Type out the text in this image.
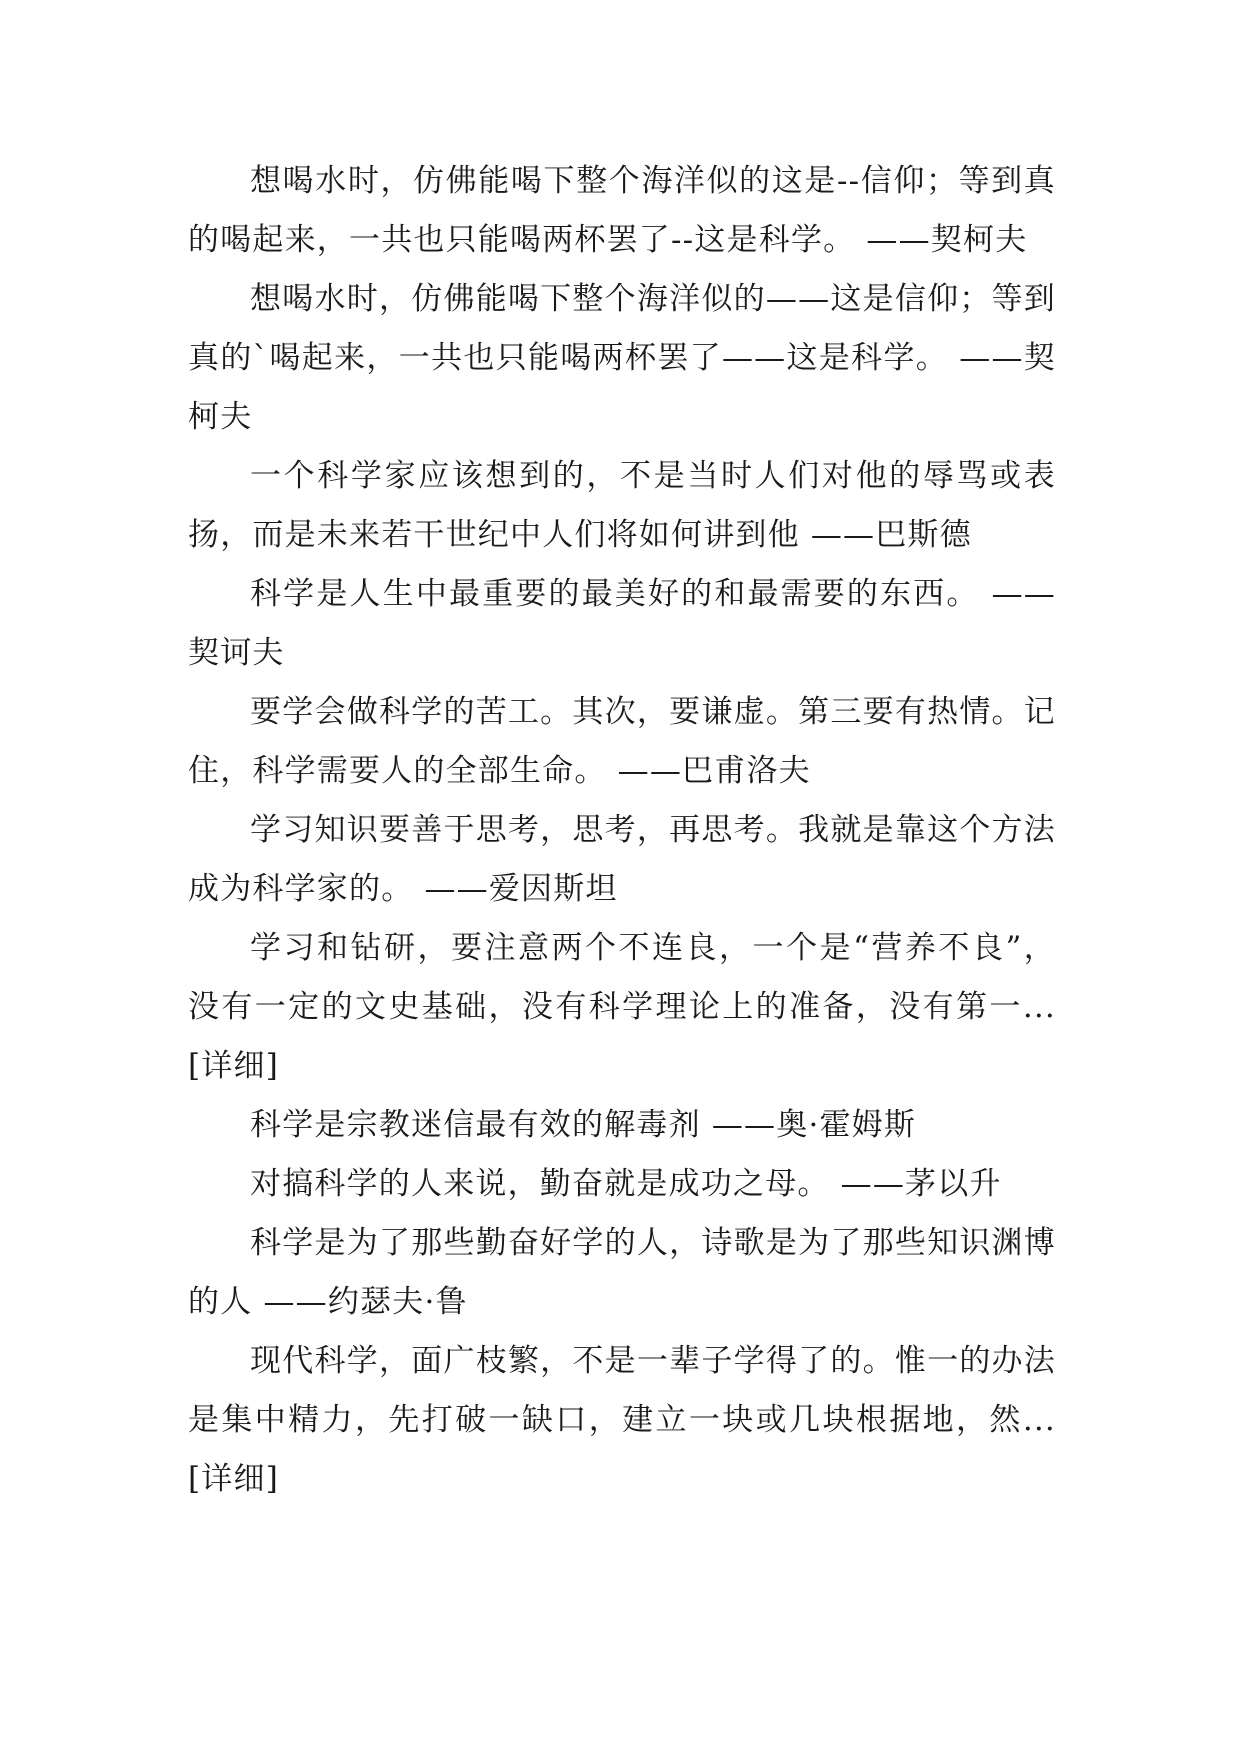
想喝水时，仿佛能喝下整个海洋似的这是--信仰；等到真的喝起来，一共也只能喝两杯罢了--这是科学。 ——契柯夫

想喝水时，仿佛能喝下整个海洋似的——这是信仰；等到真的`喝起来，一共也只能喝两杯罢了——这是科学。 ——契柯夫

一个科学家应该想到的，不是当时人们对他的辱骂或表扬，而是未来若干世纪中人们将如何讲到他 ——巴斯德

科学是人生中最重要的最美好的和最需要的东西。 ——契诃夫

要学会做科学的苦工。其次，要谦虚。第三要有热情。记住，科学需要人的全部生命。 ——巴甫洛夫

学习知识要善于思考，思考，再思考。我就是靠这个方法成为科学家的。 ——爱因斯坦

学习和钻研，要注意两个不连良，一个是“营养不良”，没有一定的文史基础，没有科学理论上的准备，没有第一...[详细]

科学是宗教迷信最有效的解毒剂 ——奥·霍姆斯

对搞科学的人来说，勤奋就是成功之母。 ——茅以升

科学是为了那些勤奋好学的人，诗歌是为了那些知识渊博的人 ——约瑟夫·鲁

现代科学，面广枝繁，不是一辈子学得了的。惟一的办法是集中精力，先打破一缺口，建立一块或几块根据地，然...[详细]
